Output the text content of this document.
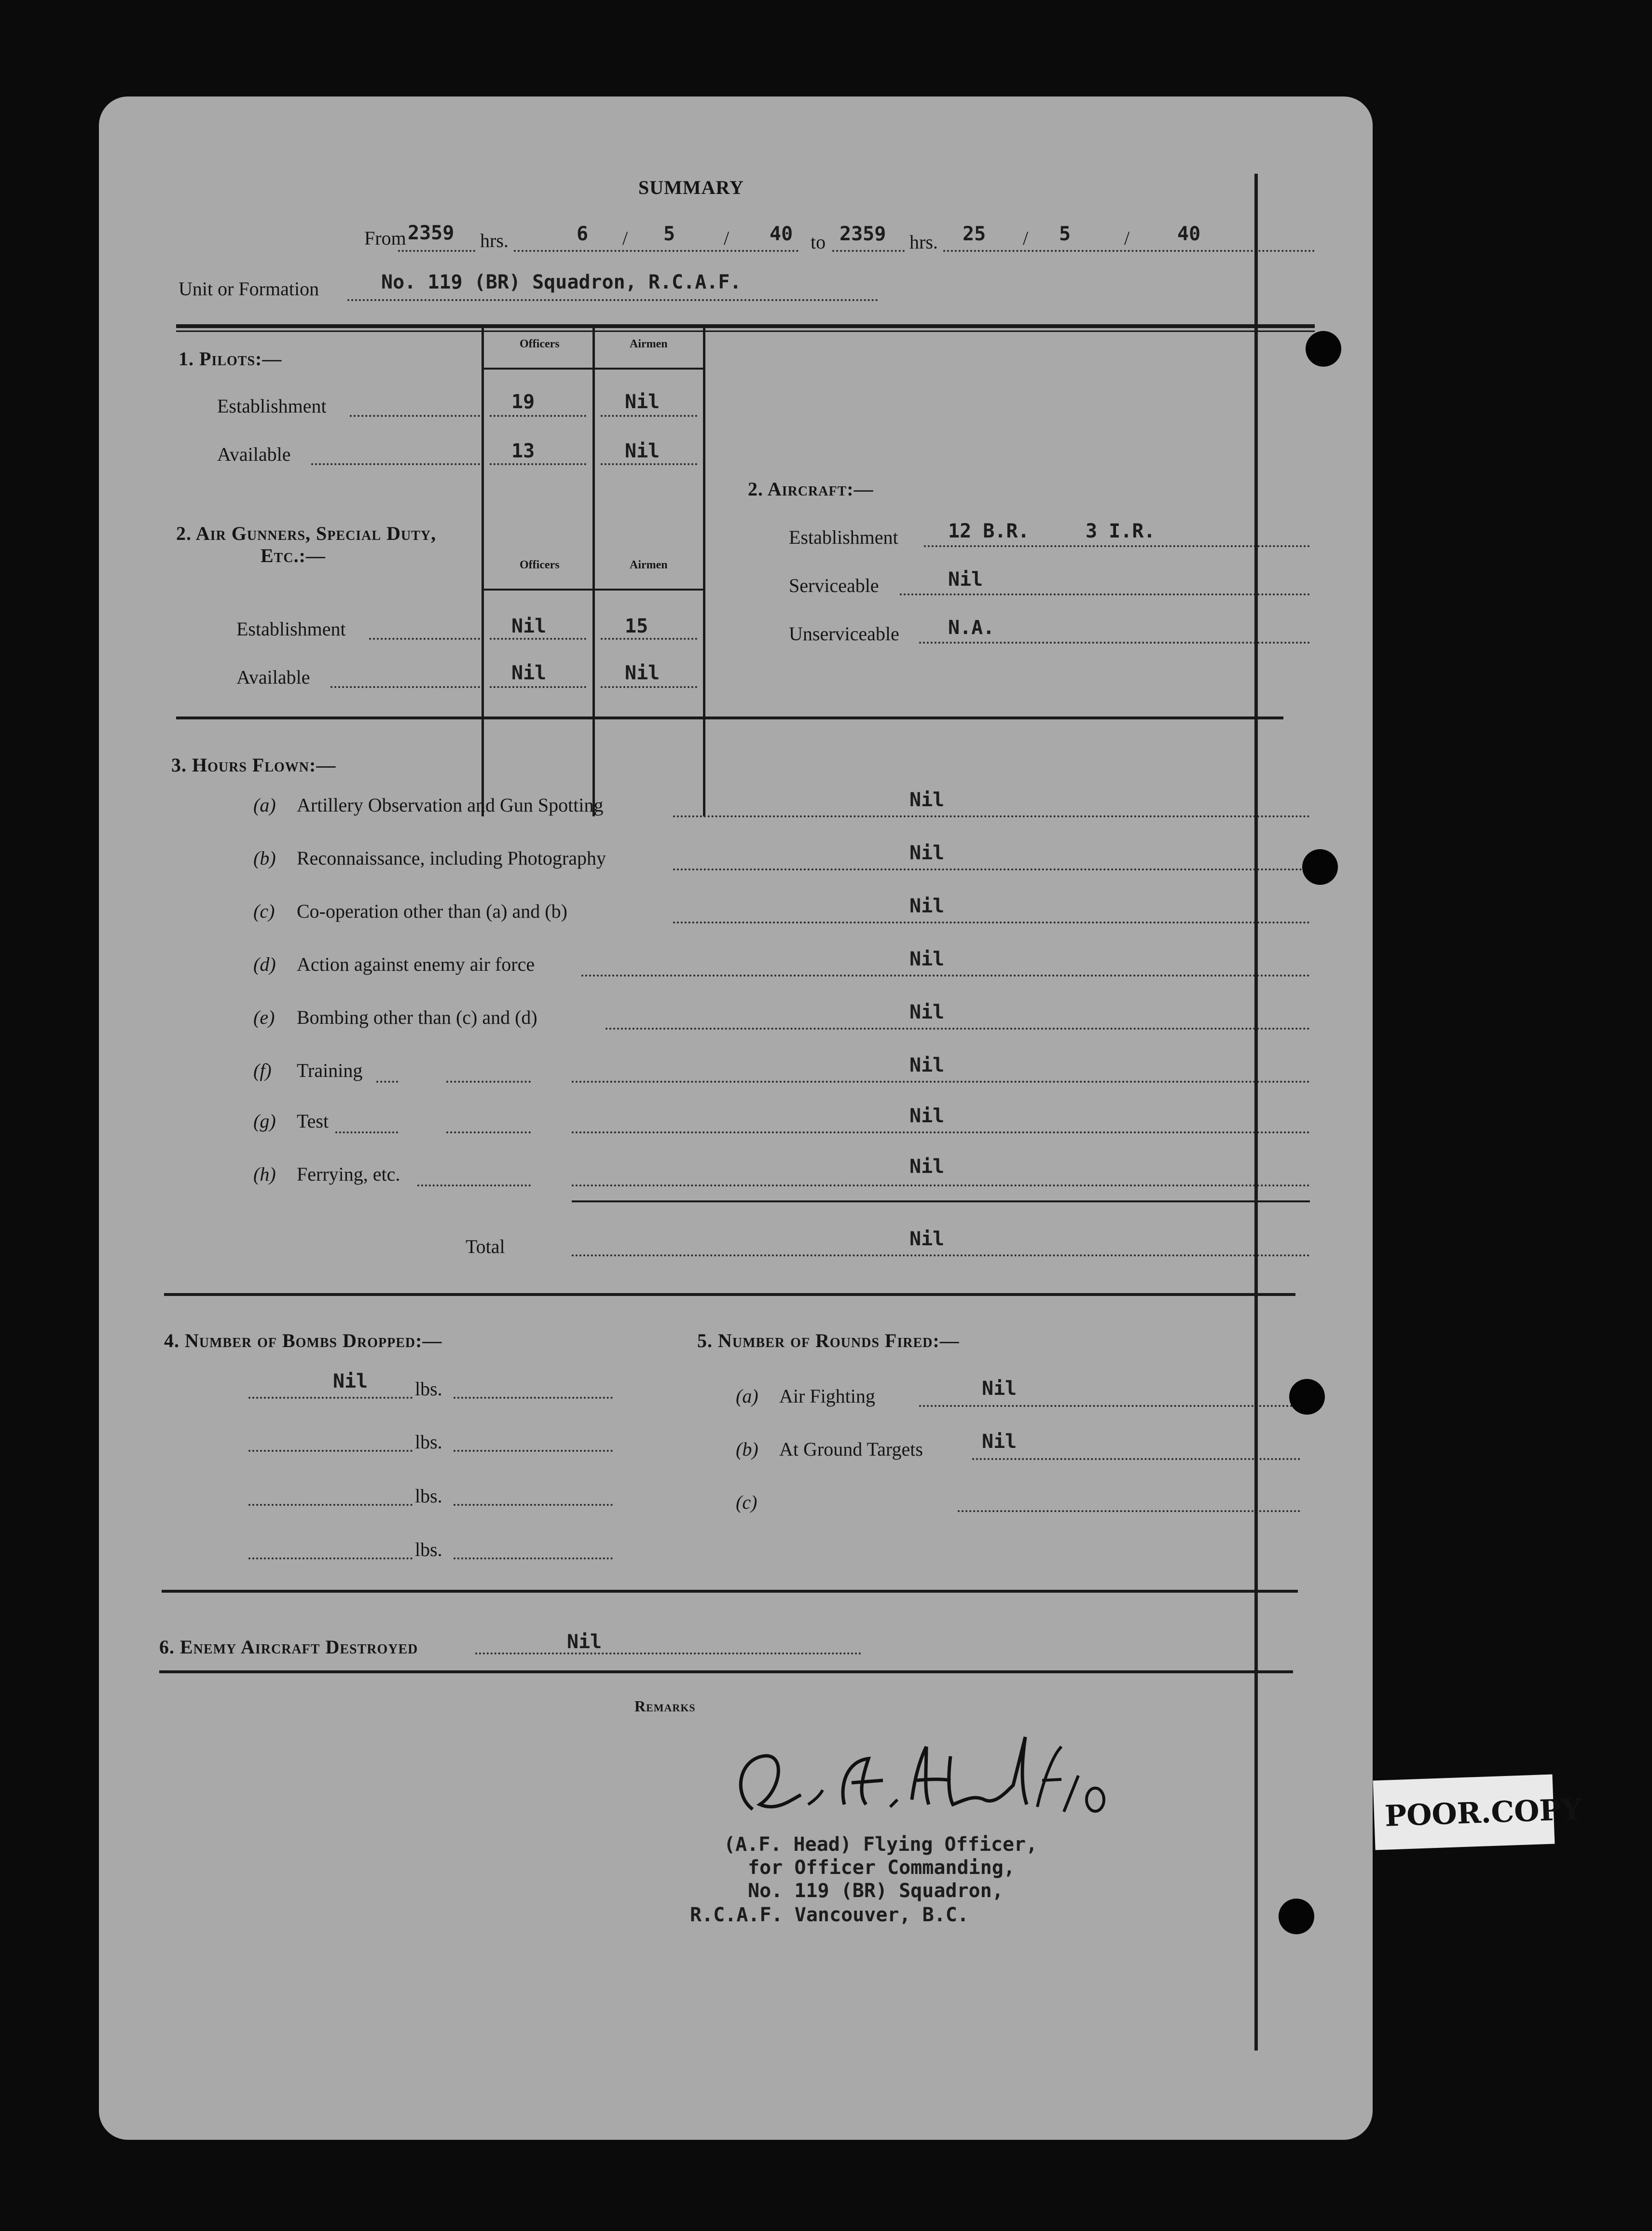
SUMMARY
From 2359 hrs.	6 / 5	/ 40 to 2359 hrs. 25 / 5	/ 40
Unit or Formation	No. 119 (BR) Squadron, R.C.A.F.
Officers	Airmen
Officers	Airmen
1. Pilots:—
Establishment	19	Nil
Available	13	Nil
2. Air Gunners, Special Duty,
Etc.:—
Establishment	Nil	15
Available	Nil	Nil
2. Aircraft:—
Establishment	12 B.R.	3 I.R.
Serviceable	Nil
Unserviceable	N.A.
3. Hours Flown:—
(a) Artillery Observation and Gun Spotting	Nil
(b) Reconnaissance, including Photography	Nil
(c) Co-operation other than (a) and (b)	Nil
(d) Action against enemy air force	Nil
(e) Bombing other than (c) and (d)	Nil
(f) Training	Nil
(g) Test	Nil
(h) Ferrying, etc.	Nil
Total	Nil
4. Number of Bombs Dropped:—
Nil lbs.
lbs.
lbs.
lbs.
5. Number of Rounds Fired:—
(a) Air Fighting	Nil
(b) At Ground Targets	Nil
(c)
6. Enemy Aircraft Destroyed	Nil
Remarks
(A.F. Head) Flying Officer,
for Officer Commanding,
No. 119 (BR) Squadron,
R.C.A.F. Vancouver, B.C.
POOR.COPY
